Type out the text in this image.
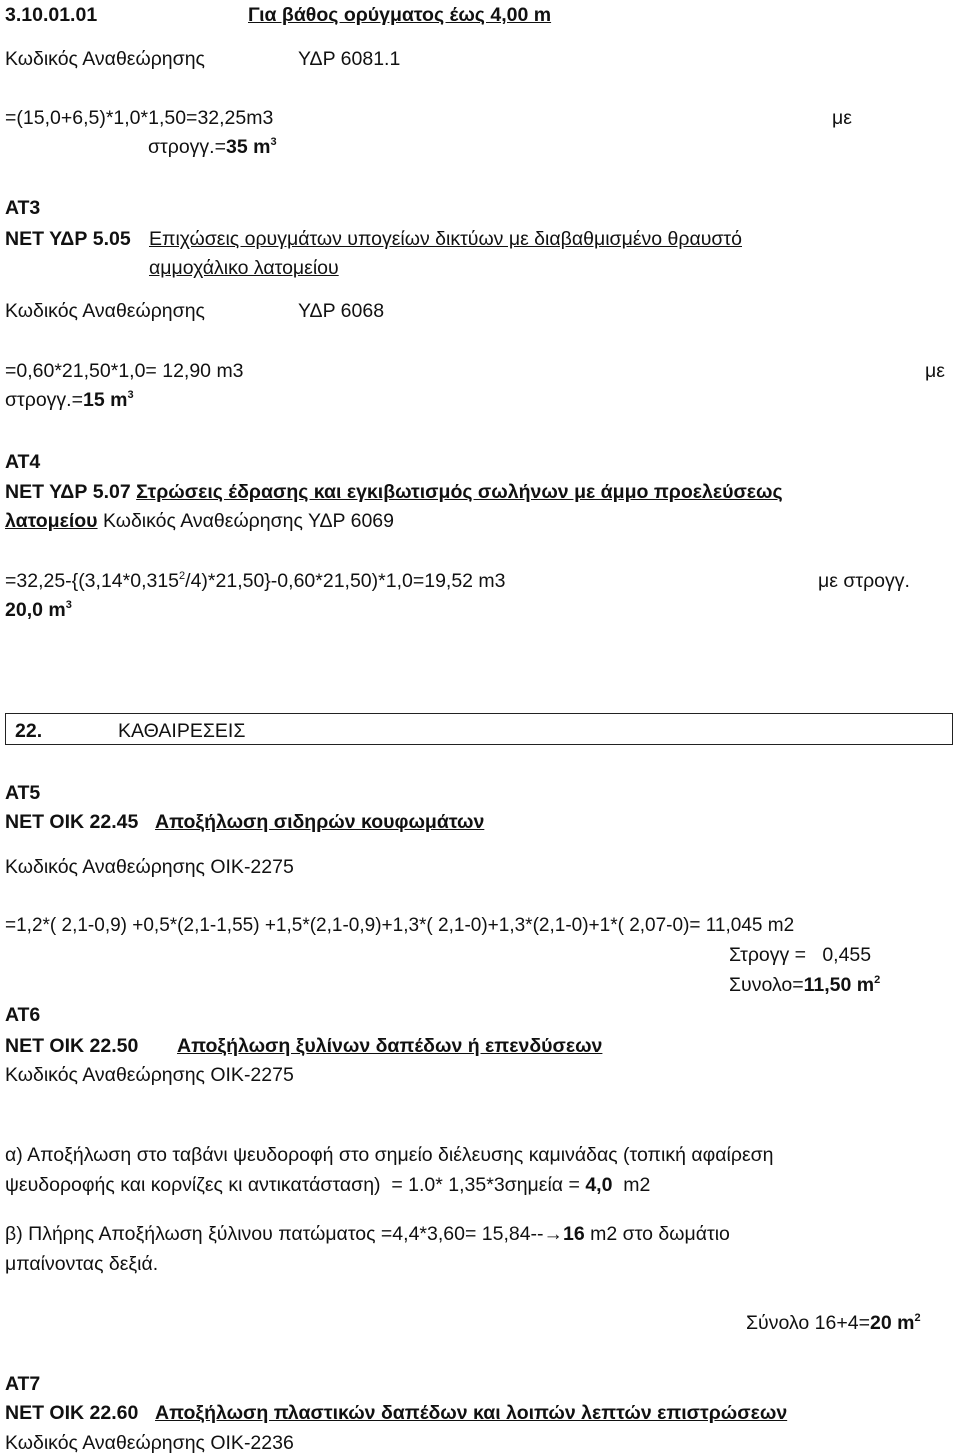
3.10.01.01	Για βάθος ορύγματος έως 4,00 m
Κωδικός Αναθεώρησης	ΥΔΡ 6081.1
=(15,0+6,5)*1,0*1,50=32,25m3	με
στρογγ.=35 $m^3$
ΑΤ3
ΝΕΤ ΥΔΡ 5.05 Επιχώσεις ορυγμάτων υπογείων δικτύων με διαβαθμισμένο θραυστό
αμμοχάλικο λατομείου
Κωδικός Αναθεώρησης	ΥΔΡ 6068
=0,60*21,50*1,0= 12,90 m3	με
στρογγ.=15 $m^3$
ΑΤ4
ΝΕΤ ΥΔΡ 5.07 Στρώσεις έδρασης και εγκιβωτισμός σωλήνων με άμμο προελεύσεως
λατομείου Κωδικός Αναθεώρησης ΥΔΡ 6069
$=32,25-\{(3,14*0,315^2/4)*21,50\}-0,60*21,50)*1,0=19,52$ m3	με στρογγ.
20,0 $m^3$
22.	ΚΑΘΑΙΡΕΣΕΙΣ
ΑΤ5
ΝΕΤ ΟΙΚ 22.45 Αποξήλωση σιδηρών κουφωμάτων
Κωδικός Αναθεώρησης ΟΙΚ-2275
=1,2*( 2,1-0,9) +0,5*(2,1-1,55) +1,5*(2,1-0,9)+1,3*( 2,1-0)+1,3*(2,1-0)+1*( 2,07-0)= 11,045 m2
Στρογγ =   0,455
Συνολο=11,50 $m^2$
ΑΤ6
ΝΕΤ ΟΙΚ 22.50 Αποξήλωση ξυλίνων δαπέδων ή επενδύσεων
Κωδικός Αναθεώρησης ΟΙΚ-2275
α) Αποξήλωση στο ταβάνι ψευδοροφή στο σημείο διέλευσης καμινάδας (τοπική αφαίρεση
ψευδοροφής και κορνίζες κι αντικατάσταση)  = 1.0* 1,35*3σημεία = 4,0  m2
β) Πλήρης Αποξήλωση ξύλινου πατώματος =4,4*3,60= 15,84--→16 m2 στο δωμάτιο
μπαίνοντας δεξιά.
Σύνολο 16+4=20 $m^2$
ΑΤ7
ΝΕΤ ΟΙΚ 22.60 Αποξήλωση πλαστικών δαπέδων και λοιπών λεπτών επιστρώσεων
Κωδικός Αναθεώρησης ΟΙΚ-2236
